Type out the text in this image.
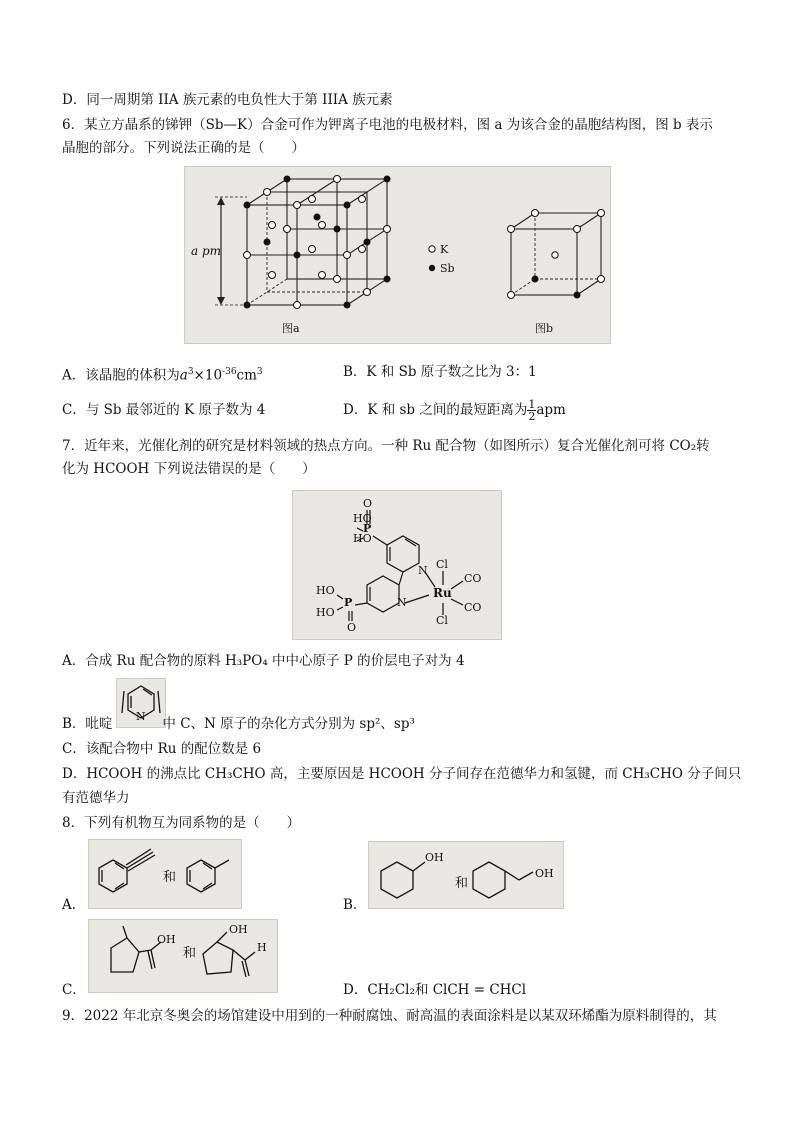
D．同一周期第 IIA 族元素的电负性大于第 IIIA 族元素
6．某立方晶系的锑钾（Sb—K）合金可作为钾离子电池的电极材料，图 a 为该合金的晶胞结构图，图 b 表示
晶胞的部分。下列说法正确的是（　　）
a pm	K
Sb
图a	图b
A．该晶胞的体积为$a^3\times 10^{-36}cm^3$	B．K 和 Sb 原子数之比为 3：1
C．与 Sb 最邻近的 K 原子数为 4	D．K 和 sb 之间的最短距离为 $\frac{1}{2}$ apm
7．近年来，光催化剂的研究是材料领域的热点方向。一种 Ru 配合物（如图所示）复合光催化剂可将 CO₂转
化为 HCOOH 下列说法错误的是（　　）
HO
HO
O
P
HO
HO
P
O
N
N
Ru
Cl
Cl
CO
CO
A．合成 Ru 配合物的原料 H₃PO₄ 中中心原子 P 的价层电子对为 4
N
B．吡啶	中 C、N 原子的杂化方式分别为 sp²、sp³
C．该配合物中 Ru 的配位数是 6
D．HCOOH 的沸点比 CH₃CHO 高，主要原因是 HCOOH 分子间存在范德华力和氢键，而 CH₃CHO 分子间只
有范德华力
8．下列有机物互为同系物的是（　　）
和
A．
OH
和
OH
B．
OH
和
OH
H
C．	D．CH₂Cl₂和 ClCH = CHCl
9．2022 年北京冬奥会的场馆建设中用到的一种耐腐蚀、耐高温的表面涂料是以某双环烯酯为原料制得的，其
